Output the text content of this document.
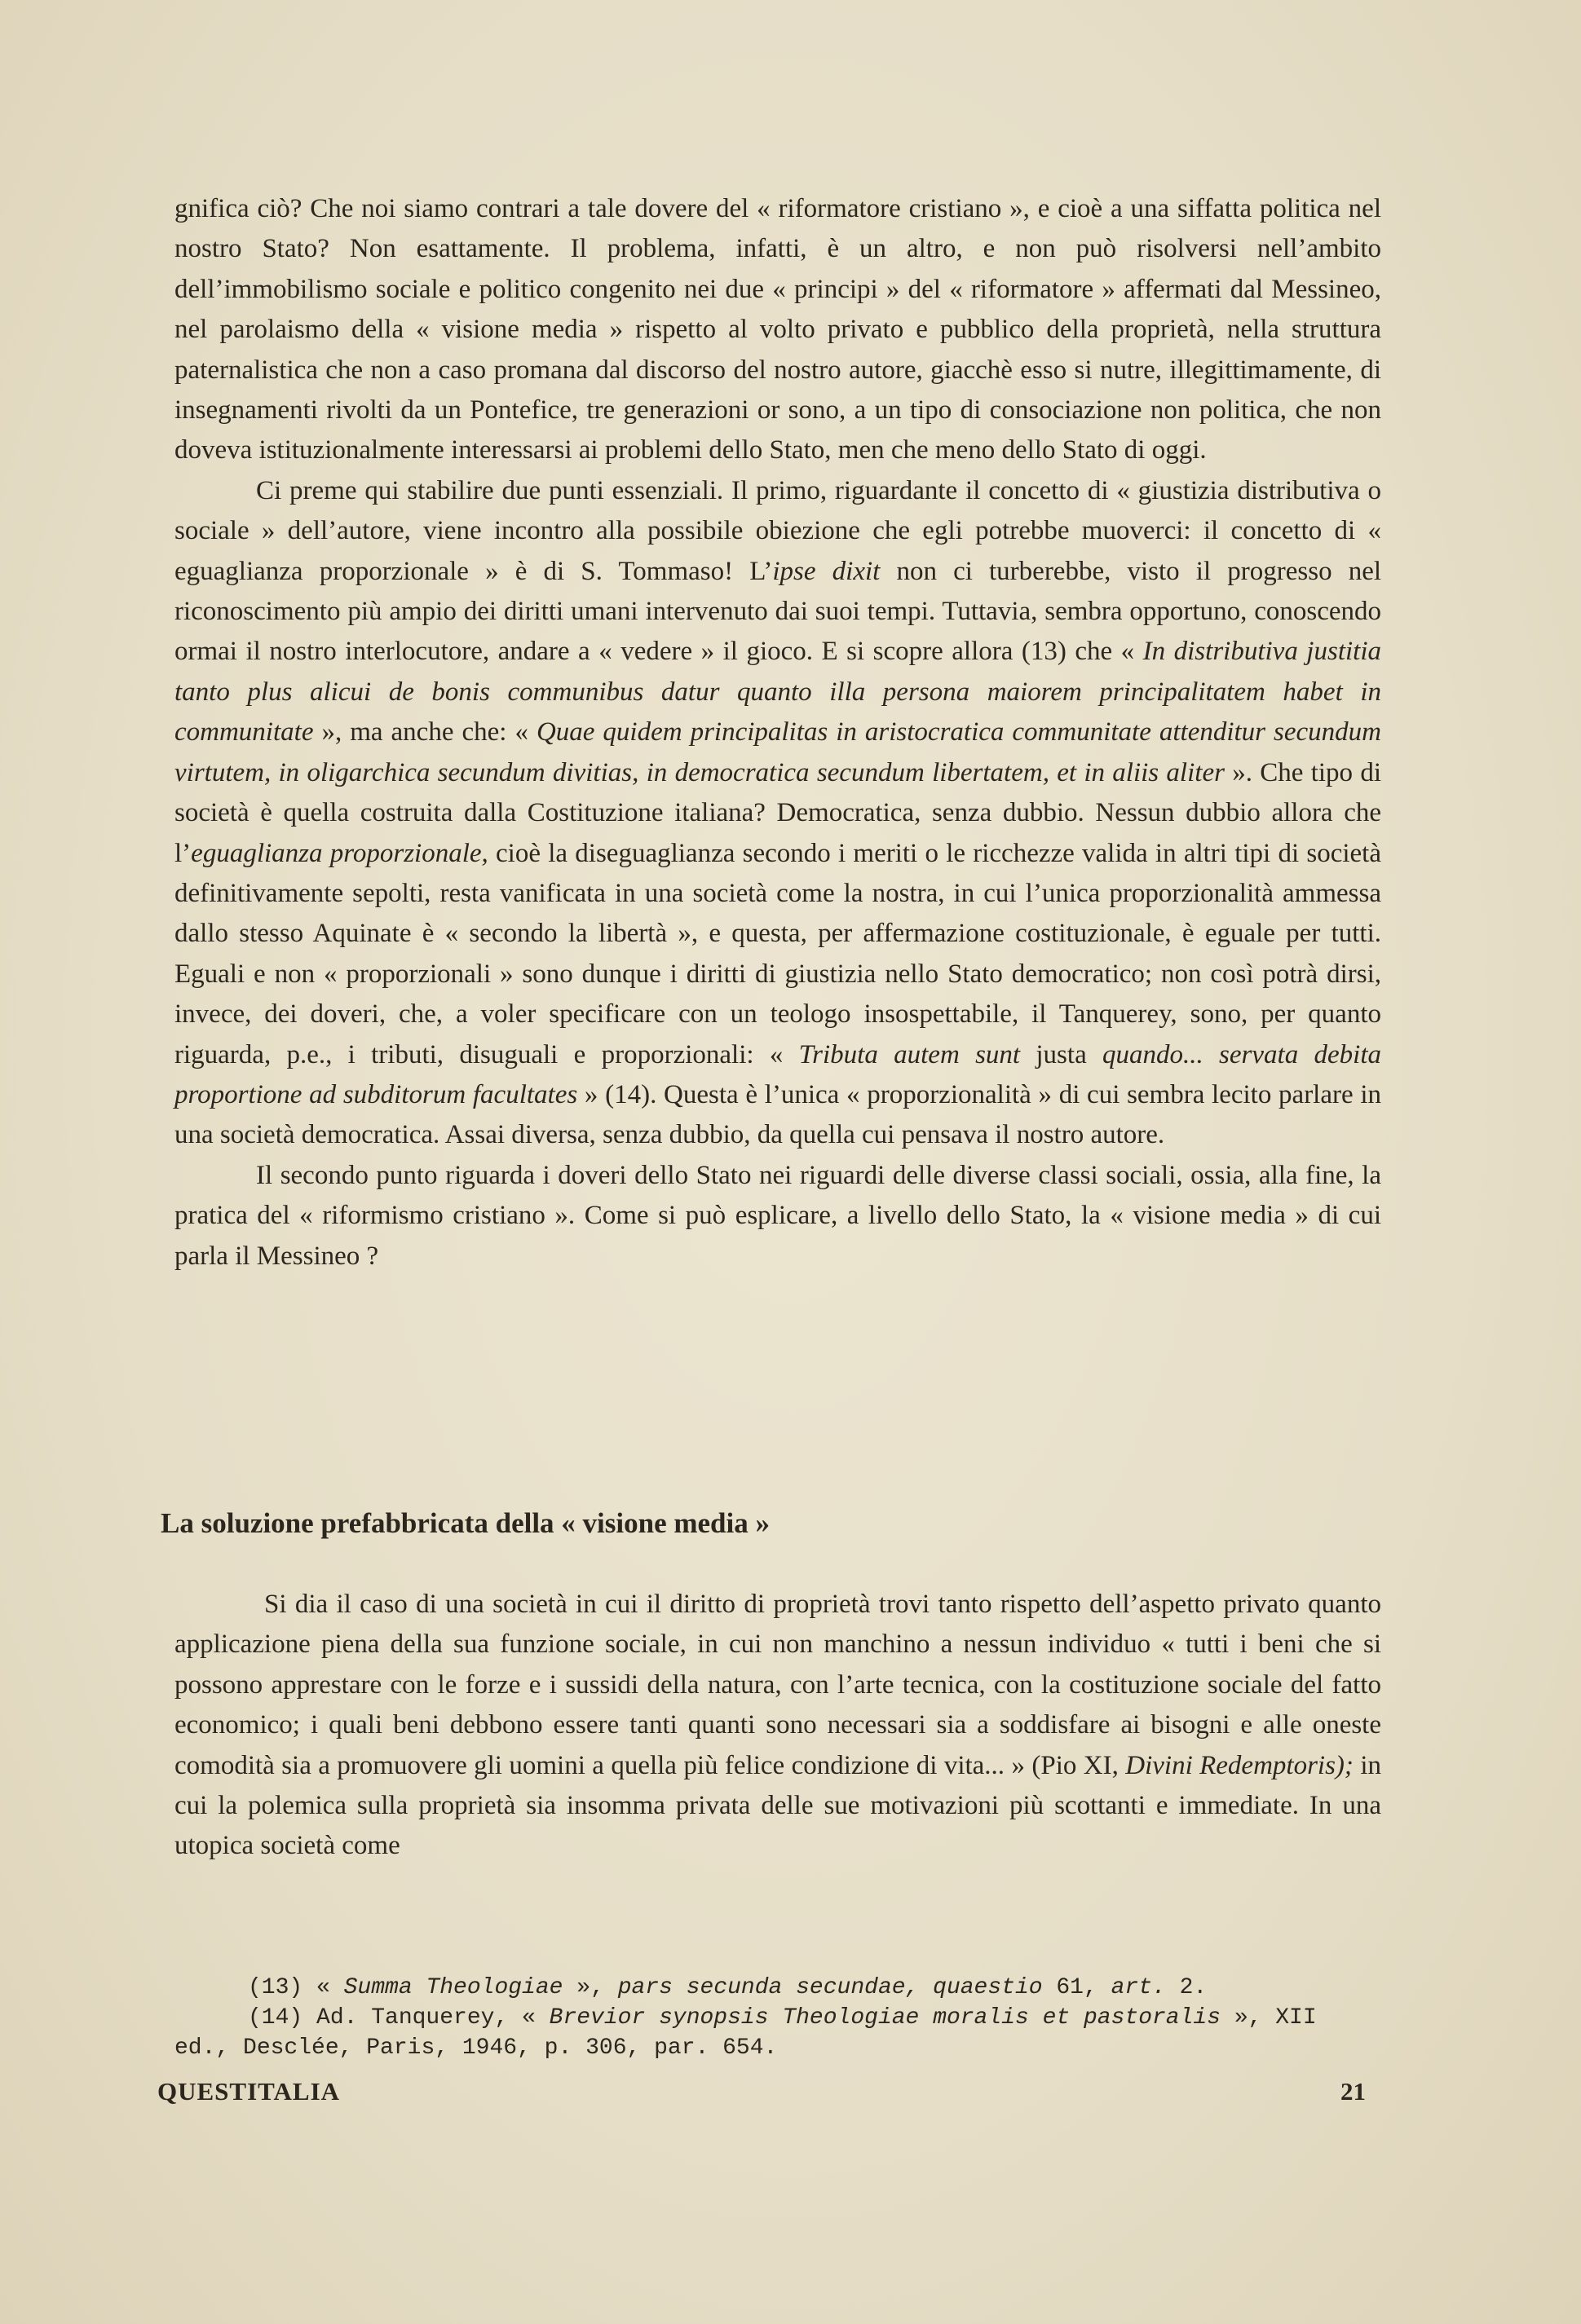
gnifica ciò? Che noi siamo contrari a tale dovere del « riformatore cristiano », e cioè a una siffatta politica nel nostro Stato? Non esattamente. Il problema, infatti, è un altro, e non può risolversi nell’ambito dell’immobilismo sociale e politico congenito nei due « principi » del « riformatore » affermati dal Messineo, nel parolaismo della « visione media » rispetto al volto privato e pubblico della proprietà, nella struttura paternalistica che non a caso promana dal discorso del nostro autore, giacchè esso si nutre, illegittimamente, di insegnamenti rivolti da un Pontefice, tre generazioni or sono, a un tipo di consociazione non politica, che non doveva istituzionalmente interessarsi ai problemi dello Stato, men che meno dello Stato di oggi.

Ci preme qui stabilire due punti essenziali. Il primo, riguardante il concetto di « giustizia distributiva o sociale » dell’autore, viene incontro alla possibile obiezione che egli potrebbe muoverci: il concetto di « eguaglianza proporzionale » è di S. Tommaso! L’ipse dixit non ci turberebbe, visto il progresso nel riconoscimento più ampio dei diritti umani intervenuto dai suoi tempi. Tuttavia, sembra opportuno, conoscendo ormai il nostro interlocutore, andare a « vedere » il gioco. E si scopre allora (13) che « In distributiva justitia tanto plus alicui de bonis communibus datur quanto illa persona maiorem principalitatem habet in communitate », ma anche che: « Quae quidem principalitas in aristocratica communitate attenditur secundum virtutem, in oligarchica secundum divitias, in democratica secundum libertatem, et in aliis aliter ». Che tipo di società è quella costruita dalla Costituzione italiana? Democratica, senza dubbio. Nessun dubbio allora che l’eguaglianza proporzionale, cioè la diseguaglianza secondo i meriti o le ricchezze valida in altri tipi di società definitivamente sepolti, resta vanificata in una società come la nostra, in cui l’unica proporzionalità ammessa dallo stesso Aquinate è « secondo la libertà », e questa, per affermazione costituzionale, è eguale per tutti. Eguali e non « proporzionali » sono dunque i diritti di giustizia nello Stato democratico; non così potrà dirsi, invece, dei doveri, che, a voler specificare con un teologo insospettabile, il Tanquerey, sono, per quanto riguarda, p.e., i tributi, disuguali e proporzionali: « Tributa autem sunt justa quando... servata debita proportione ad subditorum facultates » (14). Questa è l’unica « proporzionalità » di cui sembra lecito parlare in una società democratica. Assai diversa, senza dubbio, da quella cui pensava il nostro autore.

Il secondo punto riguarda i doveri dello Stato nei riguardi delle diverse classi sociali, ossia, alla fine, la pratica del « riformismo cristiano ». Come si può esplicare, a livello dello Stato, la « visione media » di cui parla il Messineo ?

La soluzione prefabbricata della « visione media »

Si dia il caso di una società in cui il diritto di proprietà trovi tanto rispetto dell’aspetto privato quanto applicazione piena della sua funzione sociale, in cui non manchino a nessun individuo « tutti i beni che si possono apprestare con le forze e i sussidi della natura, con l’arte tecnica, con la costituzione sociale del fatto economico; i quali beni debbono essere tanti quanti sono necessari sia a soddisfare ai bisogni e alle oneste comodità sia a promuovere gli uomini a quella più felice condizione di vita... » (Pio XI, Divini Redemptoris); in cui la polemica sulla proprietà sia insomma privata delle sue motivazioni più scottanti e immediate. In una utopica società come

(13) « Summa Theologiae », pars secunda secundae, quaestio 61, art. 2.

(14) Ad. Tanquerey, « Brevior synopsis Theologiae moralis et pastoralis », XII ed., Desclée, Paris, 1946, p. 306, par. 654.

QUESTITALIA	21
